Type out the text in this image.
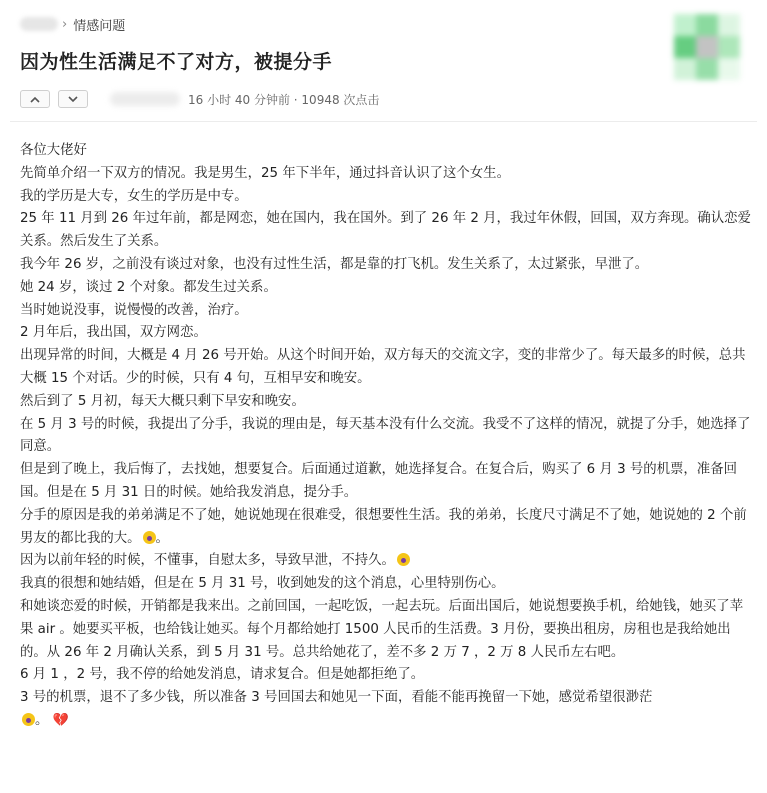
› 情感问题
因为性生活满足不了对方，被提分手
16 小时 40 分钟前 · 10948 次点击

各位大佬好

先简单介绍一下双方的情况。我是男生，25 年下半年，通过抖音认识了这个女生。

我的学历是大专，女生的学历是中专。

25 年 11 月到 26 年过年前，都是网恋，她在国内，我在国外。到了 26 年 2 月，我过年休假，回国，双方奔现。确认恋爱关系。然后发生了关系。

我今年 26 岁，之前没有谈过对象，也没有过性生活，都是靠的打飞机。发生关系了，太过紧张，早泄了。

她 24 岁，谈过 2 个对象。都发生过关系。

当时她说没事，说慢慢的改善，治疗。

2 月年后，我出国，双方网恋。

出现异常的时间，大概是 4 月 26 号开始。从这个时间开始，双方每天的交流文字，变的非常少了。每天最多的时候，总共大概 15 个对话。少的时候，只有 4 句，互相早安和晚安。

然后到了 5 月初，每天大概只剩下早安和晚安。

在 5 月 3 号的时候，我提出了分手，我说的理由是，每天基本没有什么交流。我受不了这样的情况，就提了分手，她选择了同意。

但是到了晚上，我后悔了，去找她，想要复合。后面通过道歉，她选择复合。在复合后，购买了 6 月 3 号的机票，准备回国。但是在 5 月 31 日的时候。她给我发消息，提分手。

分手的原因是我的弟弟满足不了她，她说她现在很难受，很想要性生活。我的弟弟，长度尺寸满足不了她，她说她的 2 个前男友的都比我的大。 。

因为以前年轻的时候，不懂事，自慰太多，导致早泄，不持久。

我真的很想和她结婚，但是在 5 月 31 号，收到她发的这个消息，心里特别伤心。

和她谈恋爱的时候，开销都是我来出。之前回国，一起吃饭，一起去玩。后面出国后，她说想要换手机，给她钱，她买了苹果 air 。她要买平板，也给钱让她买。每个月都给她打 1500 人民币的生活费。3 月份，要换出租房，房租也是我给她出的。从 26 年 2 月确认关系，到 5 月 31 号。总共给她花了，差不多 2 万 7 ，2 万 8 人民币左右吧。

6 月 1 ，2 号，我不停的给她发消息，请求复合。但是她都拒绝了。

3 号的机票，退不了多少钱，所以准备 3 号回国去和她见一下面，看能不能再挽留一下她，感觉希望很渺茫
。 💔
